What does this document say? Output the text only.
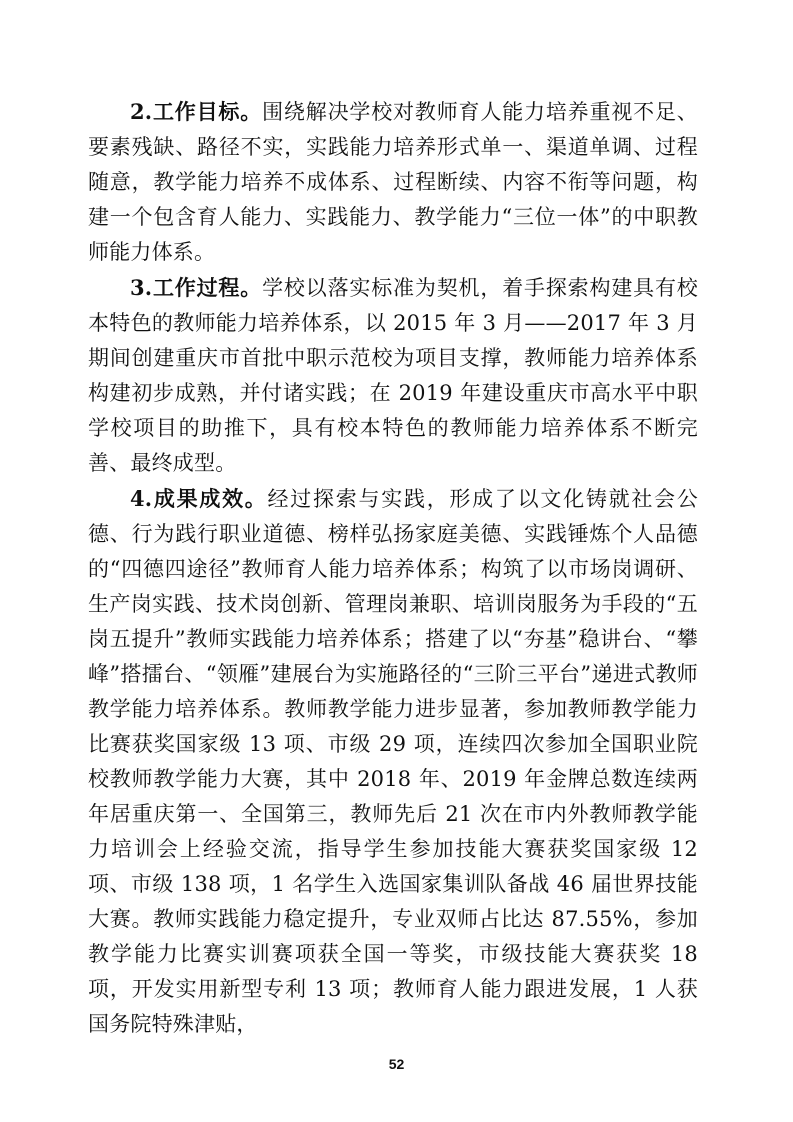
2.工作目标。围绕解决学校对教师育人能力培养重视不足、要素残缺、路径不实，实践能力培养形式单一、渠道单调、过程随意，教学能力培养不成体系、过程断续、内容不衔等问题，构建一个包含育人能力、实践能力、教学能力“三位一体”的中职教师能力体系。

3.工作过程。学校以落实标准为契机，着手探索构建具有校本特色的教师能力培养体系，以 2015 年 3 月——2017 年 3 月期间创建重庆市首批中职示范校为项目支撑，教师能力培养体系构建初步成熟，并付诸实践；在 2019 年建设重庆市高水平中职学校项目的助推下，具有校本特色的教师能力培养体系不断完善、最终成型。

4.成果成效。经过探索与实践，形成了以文化铸就社会公德、行为践行职业道德、榜样弘扬家庭美德、实践锤炼个人品德的“四德四途径”教师育人能力培养体系；构筑了以市场岗调研、生产岗实践、技术岗创新、管理岗兼职、培训岗服务为手段的“五岗五提升”教师实践能力培养体系；搭建了以“夯基”稳讲台、“攀峰”搭擂台、“领雁”建展台为实施路径的“三阶三平台”递进式教师教学能力培养体系。教师教学能力进步显著，参加教师教学能力比赛获奖国家级 13 项、市级 29 项，连续四次参加全国职业院校教师教学能力大赛，其中 2018 年、2019 年金牌总数连续两年居重庆第一、全国第三，教师先后 21 次在市内外教师教学能力培训会上经验交流，指导学生参加技能大赛获奖国家级 12 项、市级 138 项，1 名学生入选国家集训队备战 46 届世界技能大赛。教师实践能力稳定提升，专业双师占比达 87.55%，参加教学能力比赛实训赛项获全国一等奖，市级技能大赛获奖 18 项，开发实用新型专利 13 项；教师育人能力跟进发展，1 人获国务院特殊津贴，

52
